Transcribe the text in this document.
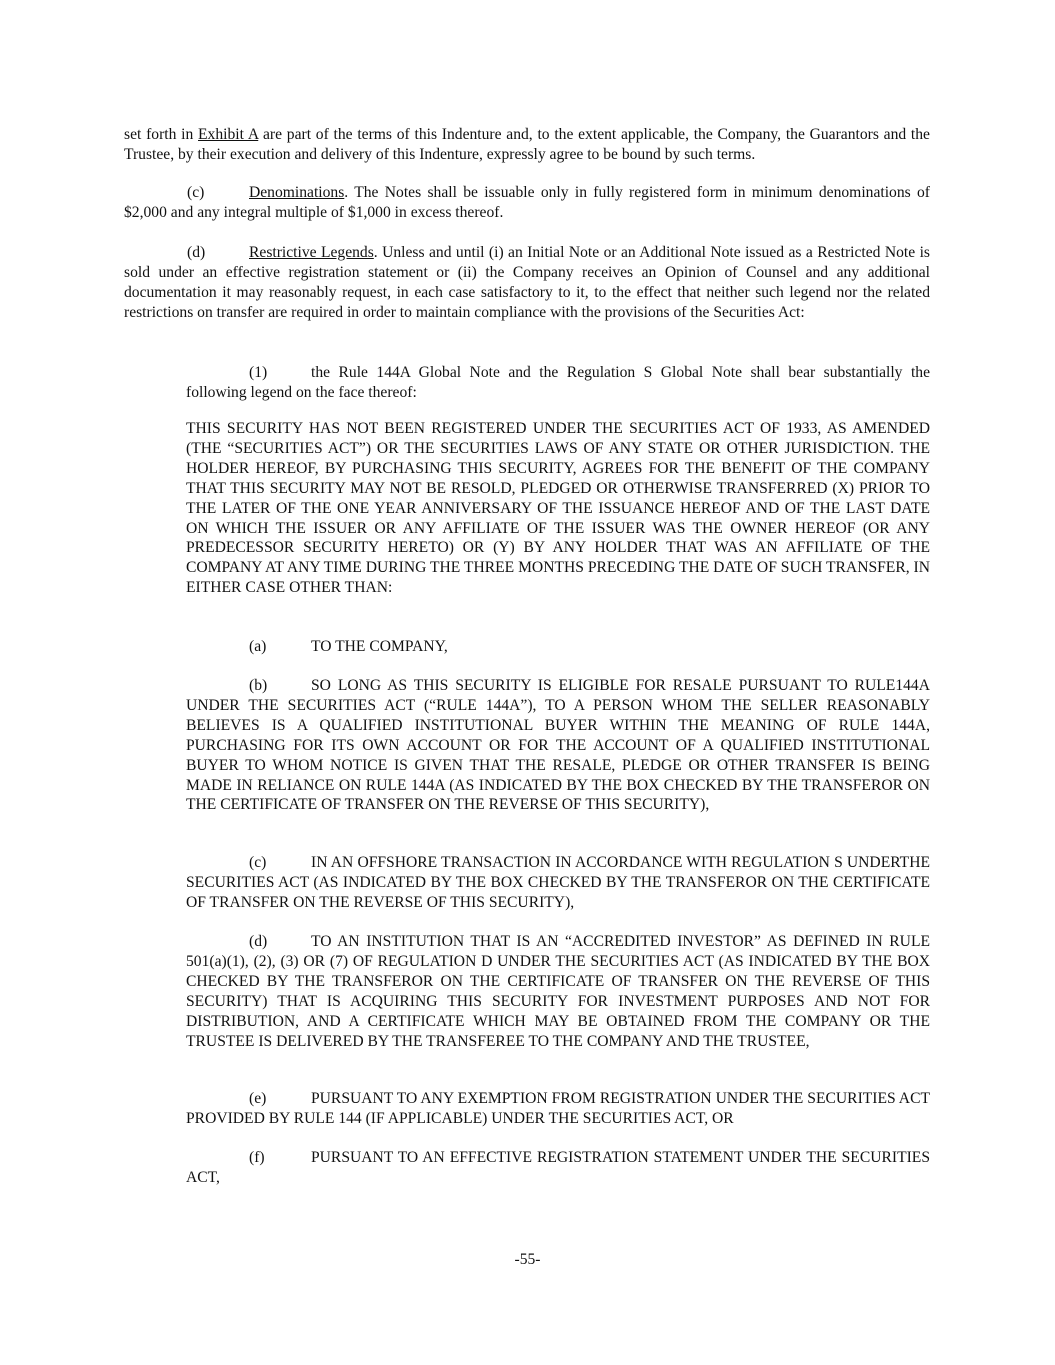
set forth in Exhibit A are part of the terms of this Indenture and, to the extent applicable, the Company, the Guarantors and the Trustee, by their execution and delivery of this Indenture, expressly agree to be bound by such terms.

(c)	Denominations. The Notes shall be issuable only in fully registered form in minimum denominations of $2,000 and any integral multiple of $1,000 in excess thereof.

(d)	Restrictive Legends. Unless and until (i) an Initial Note or an Additional Note issued as a Restricted Note is sold under an effective registration statement or (ii) the Company receives an Opinion of Counsel and any additional documentation it may reasonably request, in each case satisfactory to it, to the effect that neither such legend nor the related restrictions on transfer are required in order to maintain compliance with the provisions of the Securities Act:

(1)	the Rule 144A Global Note and the Regulation S Global Note shall bear substantially the following legend on the face thereof:

THIS SECURITY HAS NOT BEEN REGISTERED UNDER THE SECURITIES ACT OF 1933, AS AMENDED (THE “SECURITIES ACT”) OR THE SECURITIES LAWS OF ANY STATE OR OTHER JURISDICTION. THE HOLDER HEREOF, BY PURCHASING THIS SECURITY, AGREES FOR THE BENEFIT OF THE COMPANY THAT THIS SECURITY MAY NOT BE RESOLD, PLEDGED OR OTHERWISE TRANSFERRED (X) PRIOR TO THE LATER OF THE ONE YEAR ANNIVERSARY OF THE ISSUANCE HEREOF AND OF THE LAST DATE ON WHICH THE ISSUER OR ANY AFFILIATE OF THE ISSUER WAS THE OWNER HEREOF (OR ANY PREDECESSOR SECURITY HERETO) OR (Y) BY ANY HOLDER THAT WAS AN AFFILIATE OF THE COMPANY AT ANY TIME DURING THE THREE MONTHS PRECEDING THE DATE OF SUCH TRANSFER, IN EITHER CASE OTHER THAN:

(a)	TO THE COMPANY,

(b)	SO LONG AS THIS SECURITY IS ELIGIBLE FOR RESALE PURSUANT TO RULE144A UNDER THE SECURITIES ACT (“RULE 144A”), TO A PERSON WHOM THE SELLER REASONABLY BELIEVES IS A QUALIFIED INSTITUTIONAL BUYER WITHIN THE MEANING OF RULE 144A, PURCHASING FOR ITS OWN ACCOUNT OR FOR THE ACCOUNT OF A QUALIFIED INSTITUTIONAL BUYER TO WHOM NOTICE IS GIVEN THAT THE RESALE, PLEDGE OR OTHER TRANSFER IS BEING MADE IN RELIANCE ON RULE 144A (AS INDICATED BY THE BOX CHECKED BY THE TRANSFEROR ON THE CERTIFICATE OF TRANSFER ON THE REVERSE OF THIS SECURITY),

(c)	IN AN OFFSHORE TRANSACTION IN ACCORDANCE WITH REGULATION S UNDERTHE SECURITIES ACT (AS INDICATED BY THE BOX CHECKED BY THE TRANSFEROR ON THE CERTIFICATE OF TRANSFER ON THE REVERSE OF THIS SECURITY),

(d)	TO AN INSTITUTION THAT IS AN “ACCREDITED INVESTOR” AS DEFINED IN RULE 501(a)(1), (2), (3) OR (7) OF REGULATION D UNDER THE SECURITIES ACT (AS INDICATED BY THE BOX CHECKED BY THE TRANSFEROR ON THE CERTIFICATE OF TRANSFER ON THE REVERSE OF THIS SECURITY) THAT IS ACQUIRING THIS SECURITY FOR INVESTMENT PURPOSES AND NOT FOR DISTRIBUTION, AND A CERTIFICATE WHICH MAY BE OBTAINED FROM THE COMPANY OR THE TRUSTEE IS DELIVERED BY THE TRANSFEREE TO THE COMPANY AND THE TRUSTEE,

(e)	PURSUANT TO ANY EXEMPTION FROM REGISTRATION UNDER THE SECURITIES ACT PROVIDED BY RULE 144 (IF APPLICABLE) UNDER THE SECURITIES ACT, OR

(f)	PURSUANT TO AN EFFECTIVE REGISTRATION STATEMENT UNDER THE SECURITIES ACT,

-55-
